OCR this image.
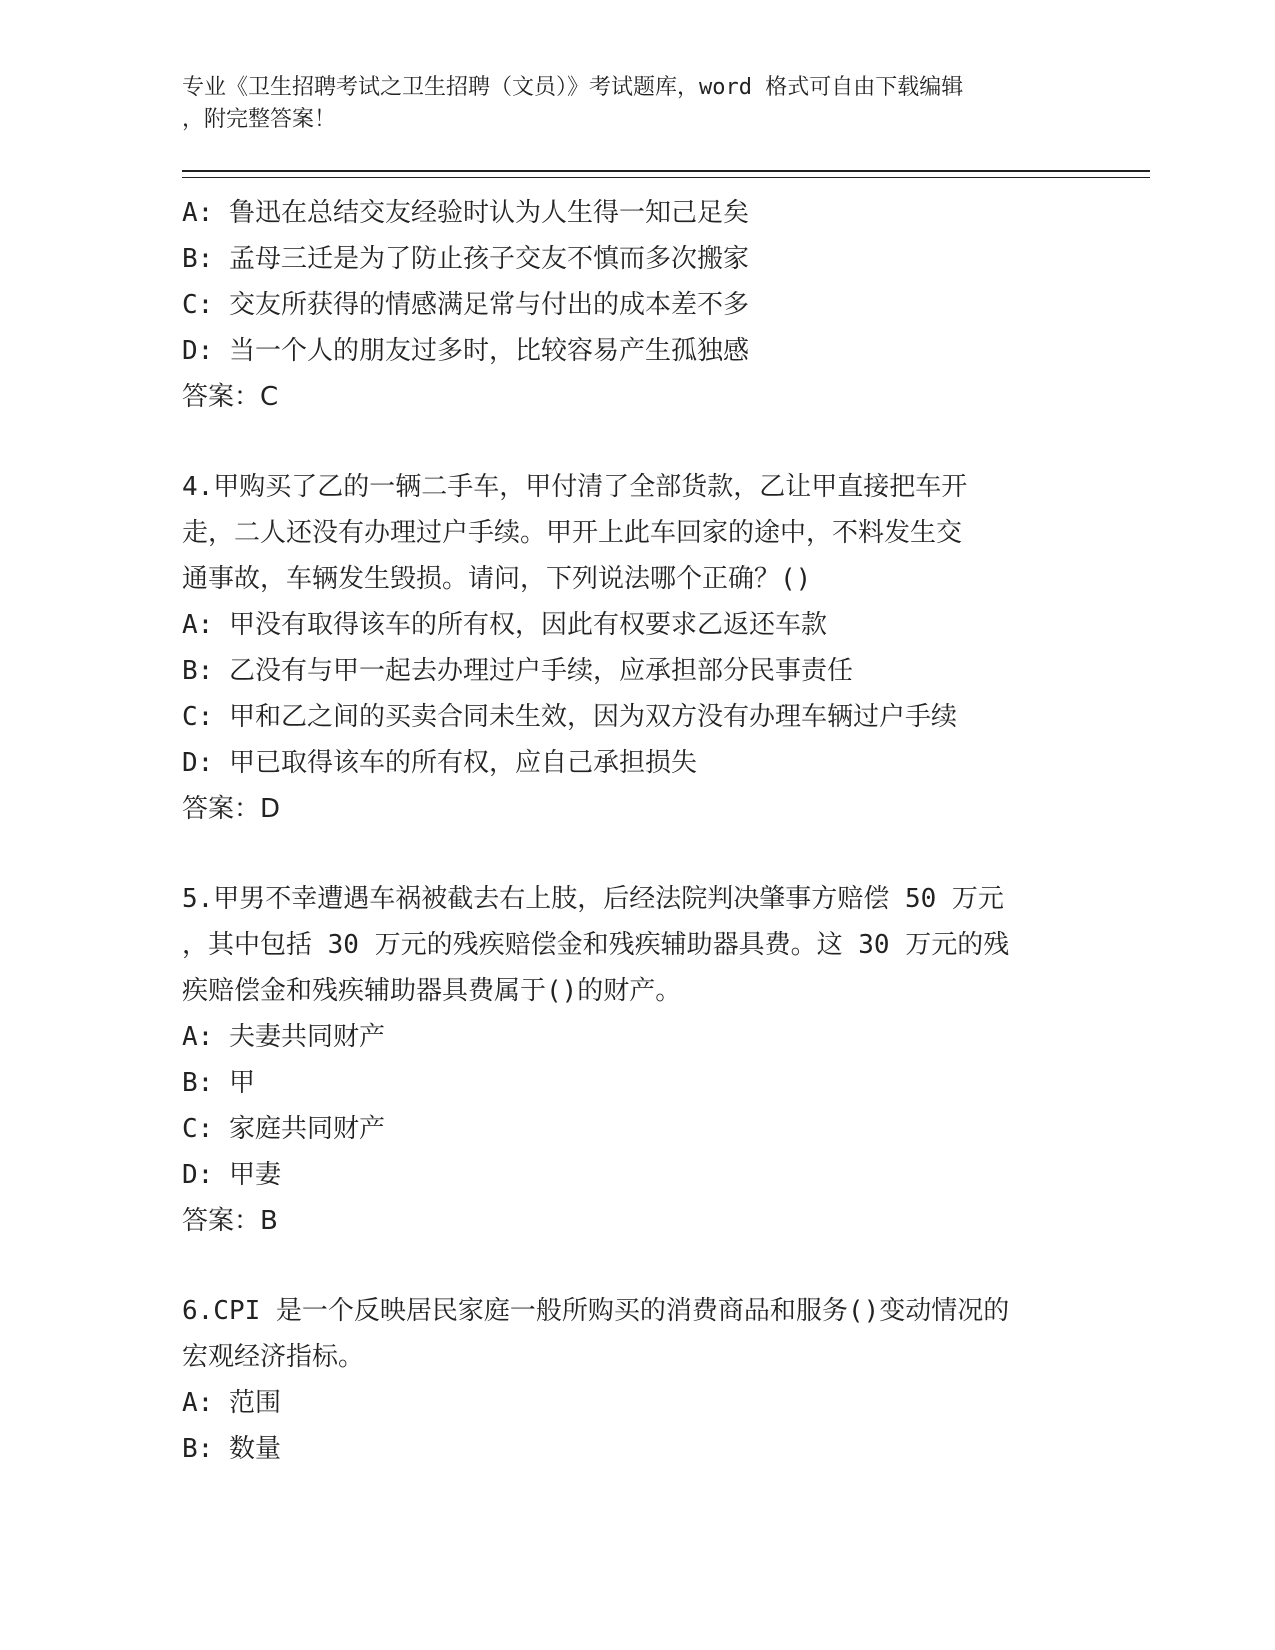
专业《卫生招聘考试之卫生招聘（文员）》考试题库，word 格式可自由下载编辑
，附完整答案！
A: 鲁迅在总结交友经验时认为人生得一知己足矣
B: 孟母三迁是为了防止孩子交友不慎而多次搬家
C: 交友所获得的情感满足常与付出的成本差不多
D: 当一个人的朋友过多时，比较容易产生孤独感
答案：C
4.甲购买了乙的一辆二手车，甲付清了全部货款，乙让甲直接把车开
走，二人还没有办理过户手续。甲开上此车回家的途中，不料发生交
通事故，车辆发生毁损。请问，下列说法哪个正确？()
A: 甲没有取得该车的所有权，因此有权要求乙返还车款
B: 乙没有与甲一起去办理过户手续，应承担部分民事责任
C: 甲和乙之间的买卖合同未生效，因为双方没有办理车辆过户手续
D: 甲已取得该车的所有权，应自己承担损失
答案：D
5.甲男不幸遭遇车祸被截去右上肢，后经法院判决肇事方赔偿 50 万元
，其中包括 30 万元的残疾赔偿金和残疾辅助器具费。这 30 万元的残
疾赔偿金和残疾辅助器具费属于()的财产。
A: 夫妻共同财产
B: 甲
C: 家庭共同财产
D: 甲妻
答案：B
6.CPI 是一个反映居民家庭一般所购买的消费商品和服务()变动情况的
宏观经济指标。
A: 范围
B: 数量
